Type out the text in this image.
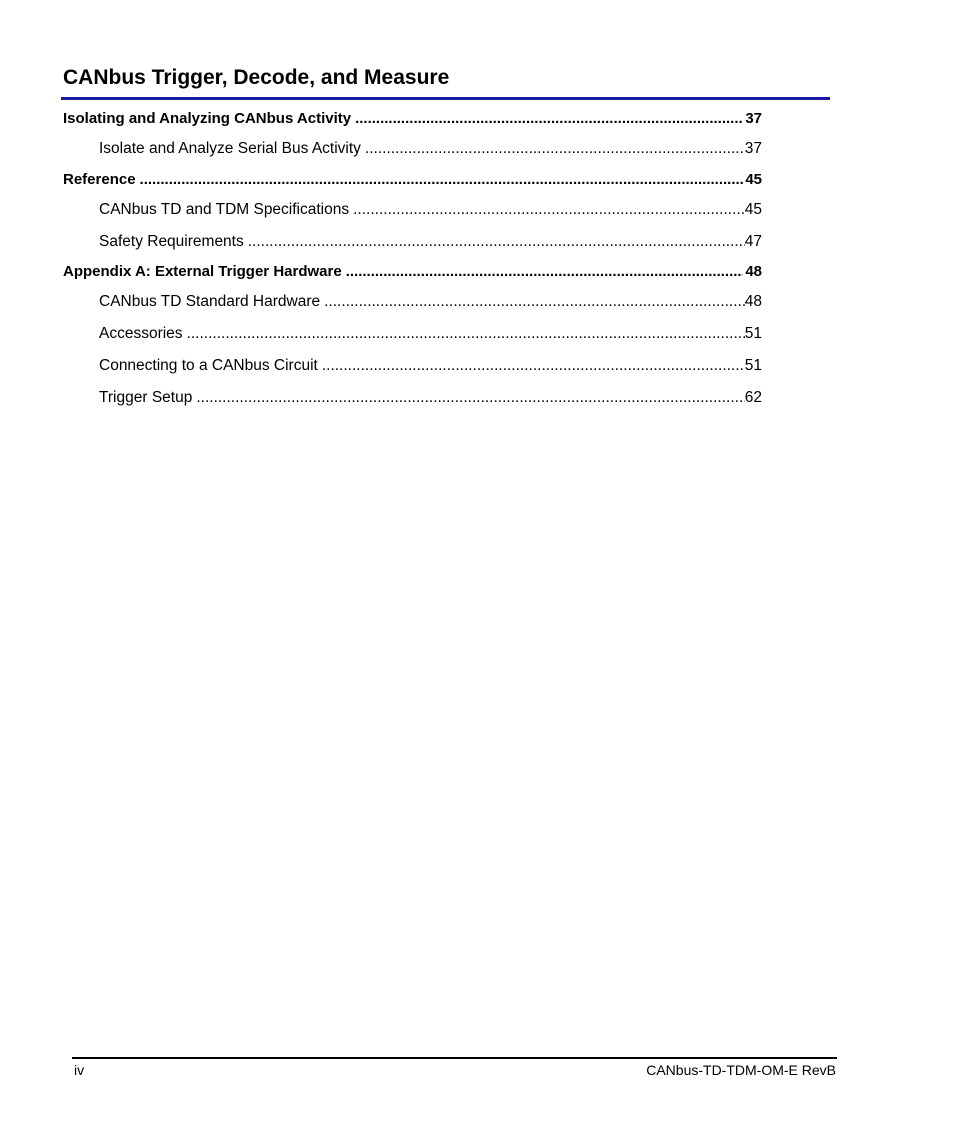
CANbus Trigger, Decode, and Measure
Isolating and Analyzing CANbus Activity .....	37
Isolate and Analyze Serial Bus Activity .....	37
Reference .....	45
CANbus TD and TDM Specifications .....	45
Safety Requirements .....	47
Appendix A: External Trigger Hardware .....	48
CANbus TD Standard Hardware .....	48
Accessories .....	51
Connecting to a CANbus Circuit .....	51
Trigger Setup .....	62
iv	CANbus-TD-TDM-OM-E RevB
